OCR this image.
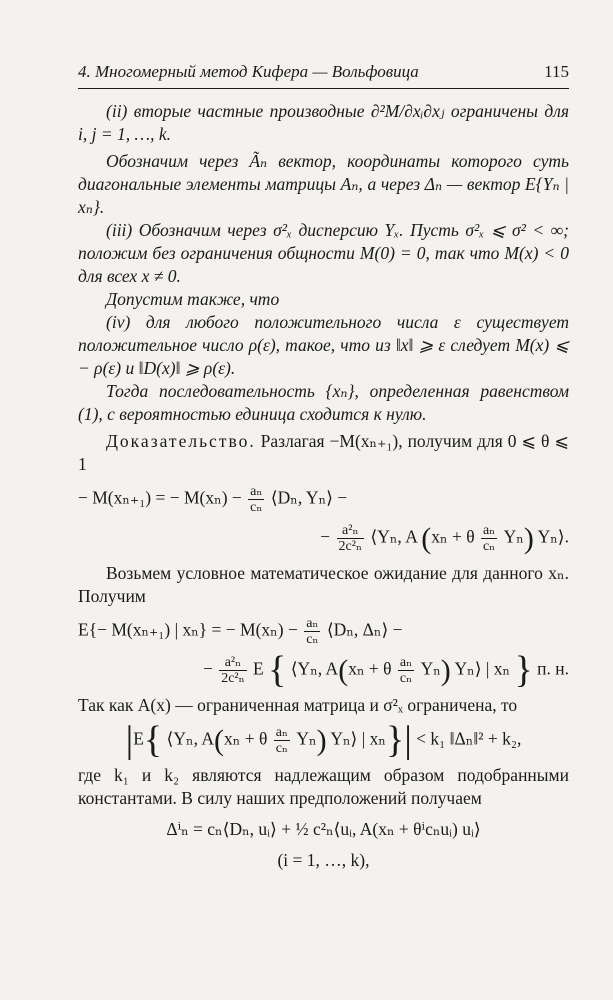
4. Многомерный метод Кифера — Вольфовица	115

(ii) вторые частные производные ∂²M/∂xᵢ∂xⱼ ограничены для i, j = 1, …, k.

Обозначим через Ãₙ вектор, координаты которого суть диагональные элементы матрицы Aₙ, а через Δₙ — вектор E{Yₙ | xₙ}.

(iii) Обозначим через σ²ₓ дисперсию Yₓ. Пусть σ²ₓ ⩽ σ² < ∞; положим без ограничения общности M(0) = 0, так что M(x) < 0 для всех x ≠ 0.

Допустим также, что

(iv) для любого положительного числа ε существует положительное число ρ(ε), такое, что из ‖x‖ ⩾ ε следует M(x) ⩽ − ρ(ε) и ‖D(x)‖ ⩾ ρ(ε).

Тогда последовательность {xₙ}, определенная равенством (1), с вероятностью единица сходится к нулю.

Доказательство. Разлагая −M(xₙ₊₁), получим для 0 ⩽ θ ⩽ 1

− M(xₙ₊₁) = − $M(x_n) - \frac{\text{aₙ}}{\text{cₙ}}$ ⟨Dₙ, Yₙ⟩ −
− $\frac{\text{a²ₙ}}{\text{2c²ₙ}}$ ⟨Yₙ, A (xₙ + θ $\frac{\text{aₙ}}{\text{cₙ}} Y_n$) Yₙ⟩.

Возьмем условное математическое ожидание для данного xₙ. Получим

E{− M(xₙ₊₁) | xₙ} = − $M(x_n) - \frac{\text{aₙ}}{\text{cₙ}}$ ⟨Dₙ, Δₙ⟩ −
− $\frac{\text{a²ₙ}}{\text{2c²ₙ}}$ E { ⟨Yₙ, A(xₙ + θ $\frac{\text{aₙ}}{\text{cₙ}} Y_n$) Yₙ⟩ | xₙ } п. н.

Так как A(x) — ограниченная матрица и σ²ₓ ограничена, то

|E{ ⟨Yₙ, A(xₙ + θ $\frac{\text{aₙ}}{\text{cₙ}} Y_n$) Yₙ⟩ | xₙ}| < k₁ ‖Δₙ‖² + k₂,

где k₁ и k₂ являются надлежащим образом подобранными константами. В силу наших предположений получаем

Δⁱₙ = cₙ⟨Dₙ, uᵢ⟩ + ½ c²ₙ⟨uᵢ, A(xₙ + θⁱcₙuᵢ) uᵢ⟩
(i = 1, …, k),
